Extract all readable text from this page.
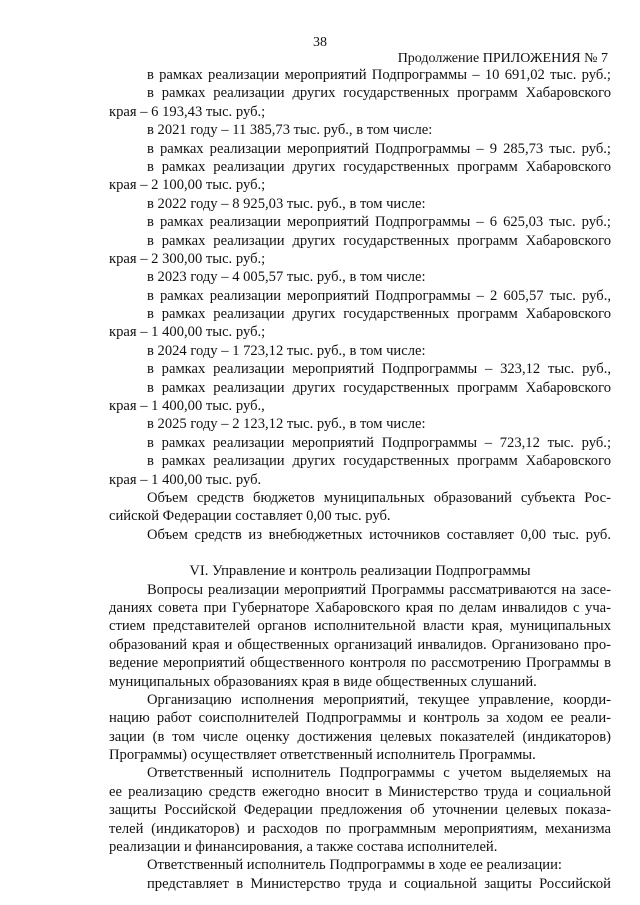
38
Продолжение ПРИЛОЖЕНИЯ № 7
в рамках реализации мероприятий Подпрограммы – 10 691,02 тыс. руб.;
в рамках реализации других государственных программ Хабаровского
края – 6 193,43 тыс. руб.;
в 2021 году – 11 385,73 тыс. руб., в том числе:
в рамках реализации мероприятий Подпрограммы – 9 285,73 тыс. руб.;
в рамках реализации других государственных программ Хабаровского
края – 2 100,00 тыс. руб.;
в 2022 году – 8 925,03 тыс. руб., в том числе:
в рамках реализации мероприятий Подпрограммы – 6 625,03 тыс. руб.;
в рамках реализации других государственных программ Хабаровского
края – 2 300,00 тыс. руб.;
в 2023 году – 4 005,57 тыс. руб., в том числе:
в рамках реализации мероприятий Подпрограммы – 2 605,57 тыс. руб.,
в рамках реализации других государственных программ Хабаровского
края – 1 400,00 тыс. руб.;
в 2024 году – 1 723,12 тыс. руб., в том числе:
в рамках реализации мероприятий Подпрограммы – 323,12 тыс. руб.,
в рамках реализации других государственных программ Хабаровского
края – 1 400,00 тыс. руб.,
в 2025 году – 2 123,12 тыс. руб., в том числе:
в рамках реализации мероприятий Подпрограммы – 723,12 тыс. руб.;
в рамках реализации других государственных программ Хабаровского
края – 1 400,00 тыс. руб.
Объем средств бюджетов муниципальных образований субъекта Рос-
сийской Федерации составляет 0,00 тыс. руб.
Объем средств из внебюджетных источников составляет 0,00 тыс. руб.
VI. Управление и контроль реализации Подпрограммы
Вопросы реализации мероприятий Программы рассматриваются на засе-
даниях совета при Губернаторе Хабаровского края по делам инвалидов с уча-
стием представителей органов исполнительной власти края, муниципальных
образований края и общественных организаций инвалидов. Организовано про-
ведение мероприятий общественного контроля по рассмотрению Программы в
муниципальных образованиях края в виде общественных слушаний.
Организацию исполнения мероприятий, текущее управление, коорди-
нацию работ соисполнителей Подпрограммы и контроль за ходом ее реали-
зации (в том числе оценку достижения целевых показателей (индикаторов)
Программы) осуществляет ответственный исполнитель Программы.
Ответственный исполнитель Подпрограммы с учетом выделяемых на
ее реализацию средств ежегодно вносит в Министерство труда и социальной
защиты Российской Федерации предложения об уточнении целевых показа-
телей (индикаторов) и расходов по программным мероприятиям, механизма
реализации и финансирования, а также состава исполнителей.
Ответственный исполнитель Подпрограммы в ходе ее реализации:
представляет в Министерство труда и социальной защиты Российской
